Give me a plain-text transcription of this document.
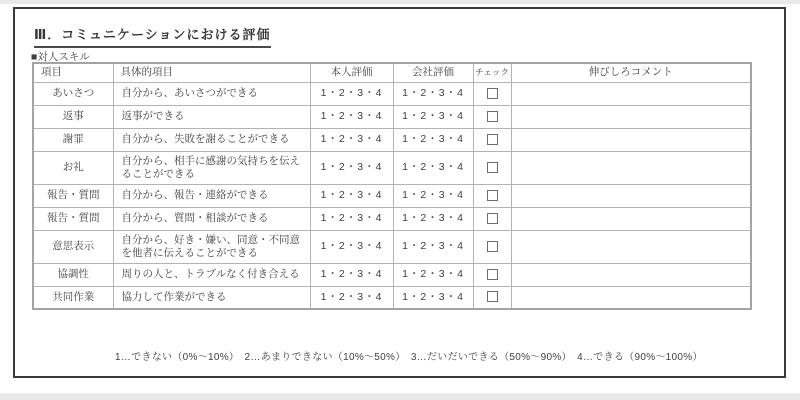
Ⅲ．コミュニケーションにおける評価
■対人スキル
項目	具体的項目	本人評価	会社評価	チェック	伸びしろコメント
あいさつ	自分から、あいさつができる	1・2・3・4	1・2・3・4		
返事	返事ができる	1・2・3・4	1・2・3・4		
謝罪	自分から、失敗を謝ることができる	1・2・3・4	1・2・3・4		
お礼	自分から、相手に感謝の気持ちを伝えることができる	1・2・3・4	1・2・3・4		
報告・質問	自分から、報告・連絡ができる	1・2・3・4	1・2・3・4		
報告・質問	自分から、質問・相談ができる	1・2・3・4	1・2・3・4		
意思表示	自分から、好き・嫌い、同意・不同意を他者に伝えることができる	1・2・3・4	1・2・3・4		
協調性	周りの人と、トラブルなく付き合える	1・2・3・4	1・2・3・4		
共同作業	協力して作業ができる	1・2・3・4	1・2・3・4		
1…できない（0%～10%）　2…あまりできない（10%～50%）　3…だいだいできる（50%～90%）　4…できる（90%～100%）
